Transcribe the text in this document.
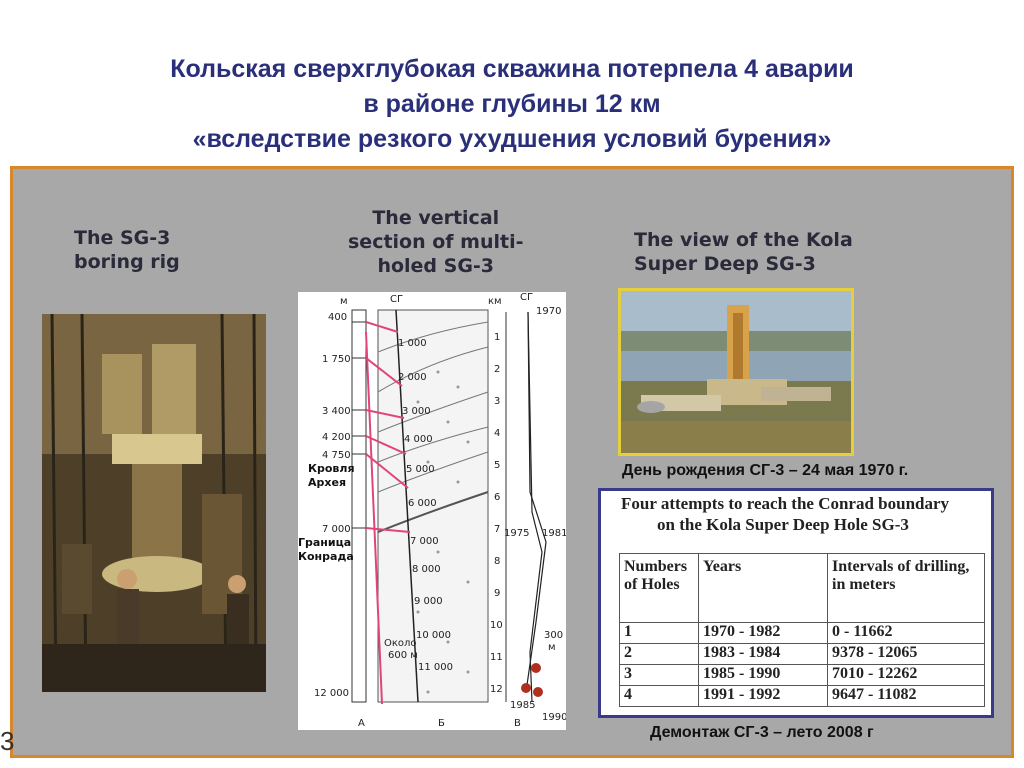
Кольская сверхглубокая скважина потерпела 4 аварии
в районе глубины 12 км
«вследствие резкого ухудшения условий бурения»
The SG-3
boring rig
The vertical
section of multi-
holed SG-3
The view of the Kola
Super Deep SG-3
м	СГ	км СГ
400
1 750
3 400
4 200
4 750
7 000
12 000
Кровля
Архея
Граница
Конрада
1 000
2 000
3 000
4 000
5 000
6 000
7 000
8 000
9 000
10 000
11 000
Около
600 м
1
2
3
4
5
6
7
8
9
10
11
12
1970
1975 1981
300
м
1985
1990
А	Б	В
День рождения СГ-3 – 24 мая 1970 г.
Four attempts to reach the Conrad boundary
on the Kola Super Deep Hole SG-3
Numbers of Holes	Years	Intervals of drilling, in meters
1	1970 - 1982	0 - 11662
2	1983 - 1984	9378 - 12065
3	1985 - 1990	7010 - 12262
4	1991 - 1992	9647 - 11082
Демонтаж СГ-3 – лето 2008 г
3
